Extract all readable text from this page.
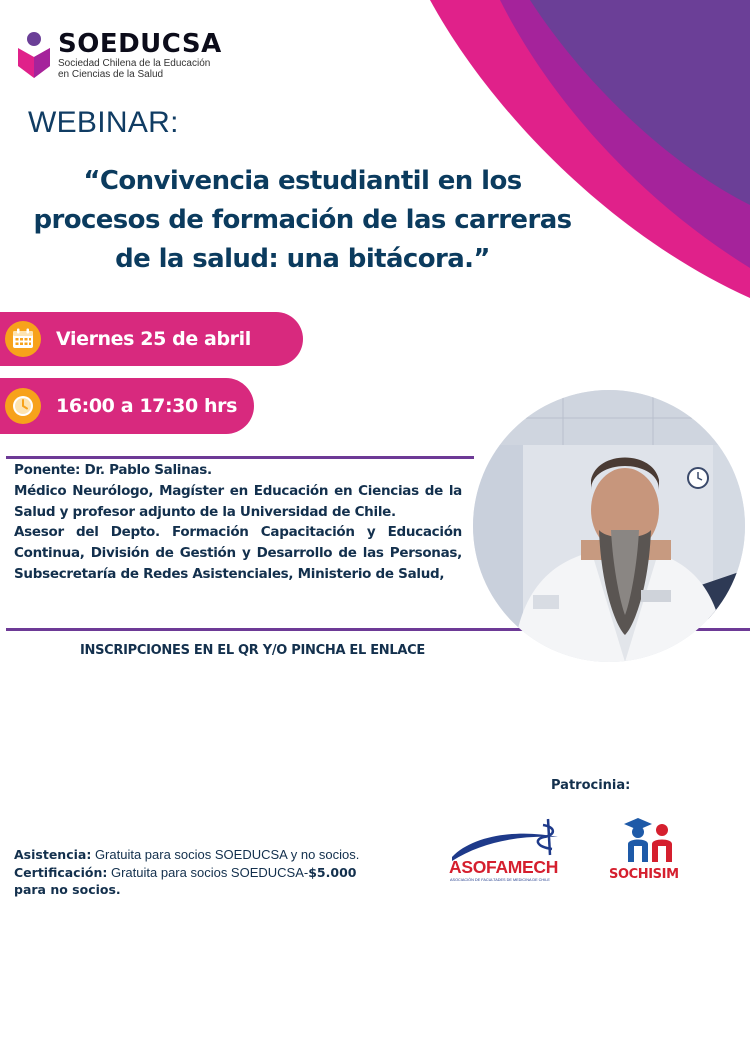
SOEDUCSA
Sociedad Chilena de la Educación
en Ciencias de la Salud
WEBINAR:
“Convivencia estudiantil en los
procesos de formación de las carreras
de la salud: una bitácora.”
Viernes 25 de abril
16:00 a 17:30 hrs

Ponente: Dr. Pablo Salinas.

Médico Neurólogo, Magíster en Educación en Ciencias de la Salud y profesor adjunto de la Universidad de Chile.

Asesor del Depto. Formación Capacitación y Educación Continua, División de Gestión y Desarrollo de las Personas, Subsecretaría de Redes Asistenciales, Ministerio de Salud,

INSCRIPCIONES EN EL QR Y/O PINCHA EL ENLACE
Patrocinia:
ASOFAMECH
ASOCIACIÓN DE FACULTADES DE MEDICINA DE CHILE	SOCHISIM
Asistencia: Gratuita para socios SOEDUCSA y no socios.
Certificación: Gratuita para socios SOEDUCSA-$5.000
para no socios.
